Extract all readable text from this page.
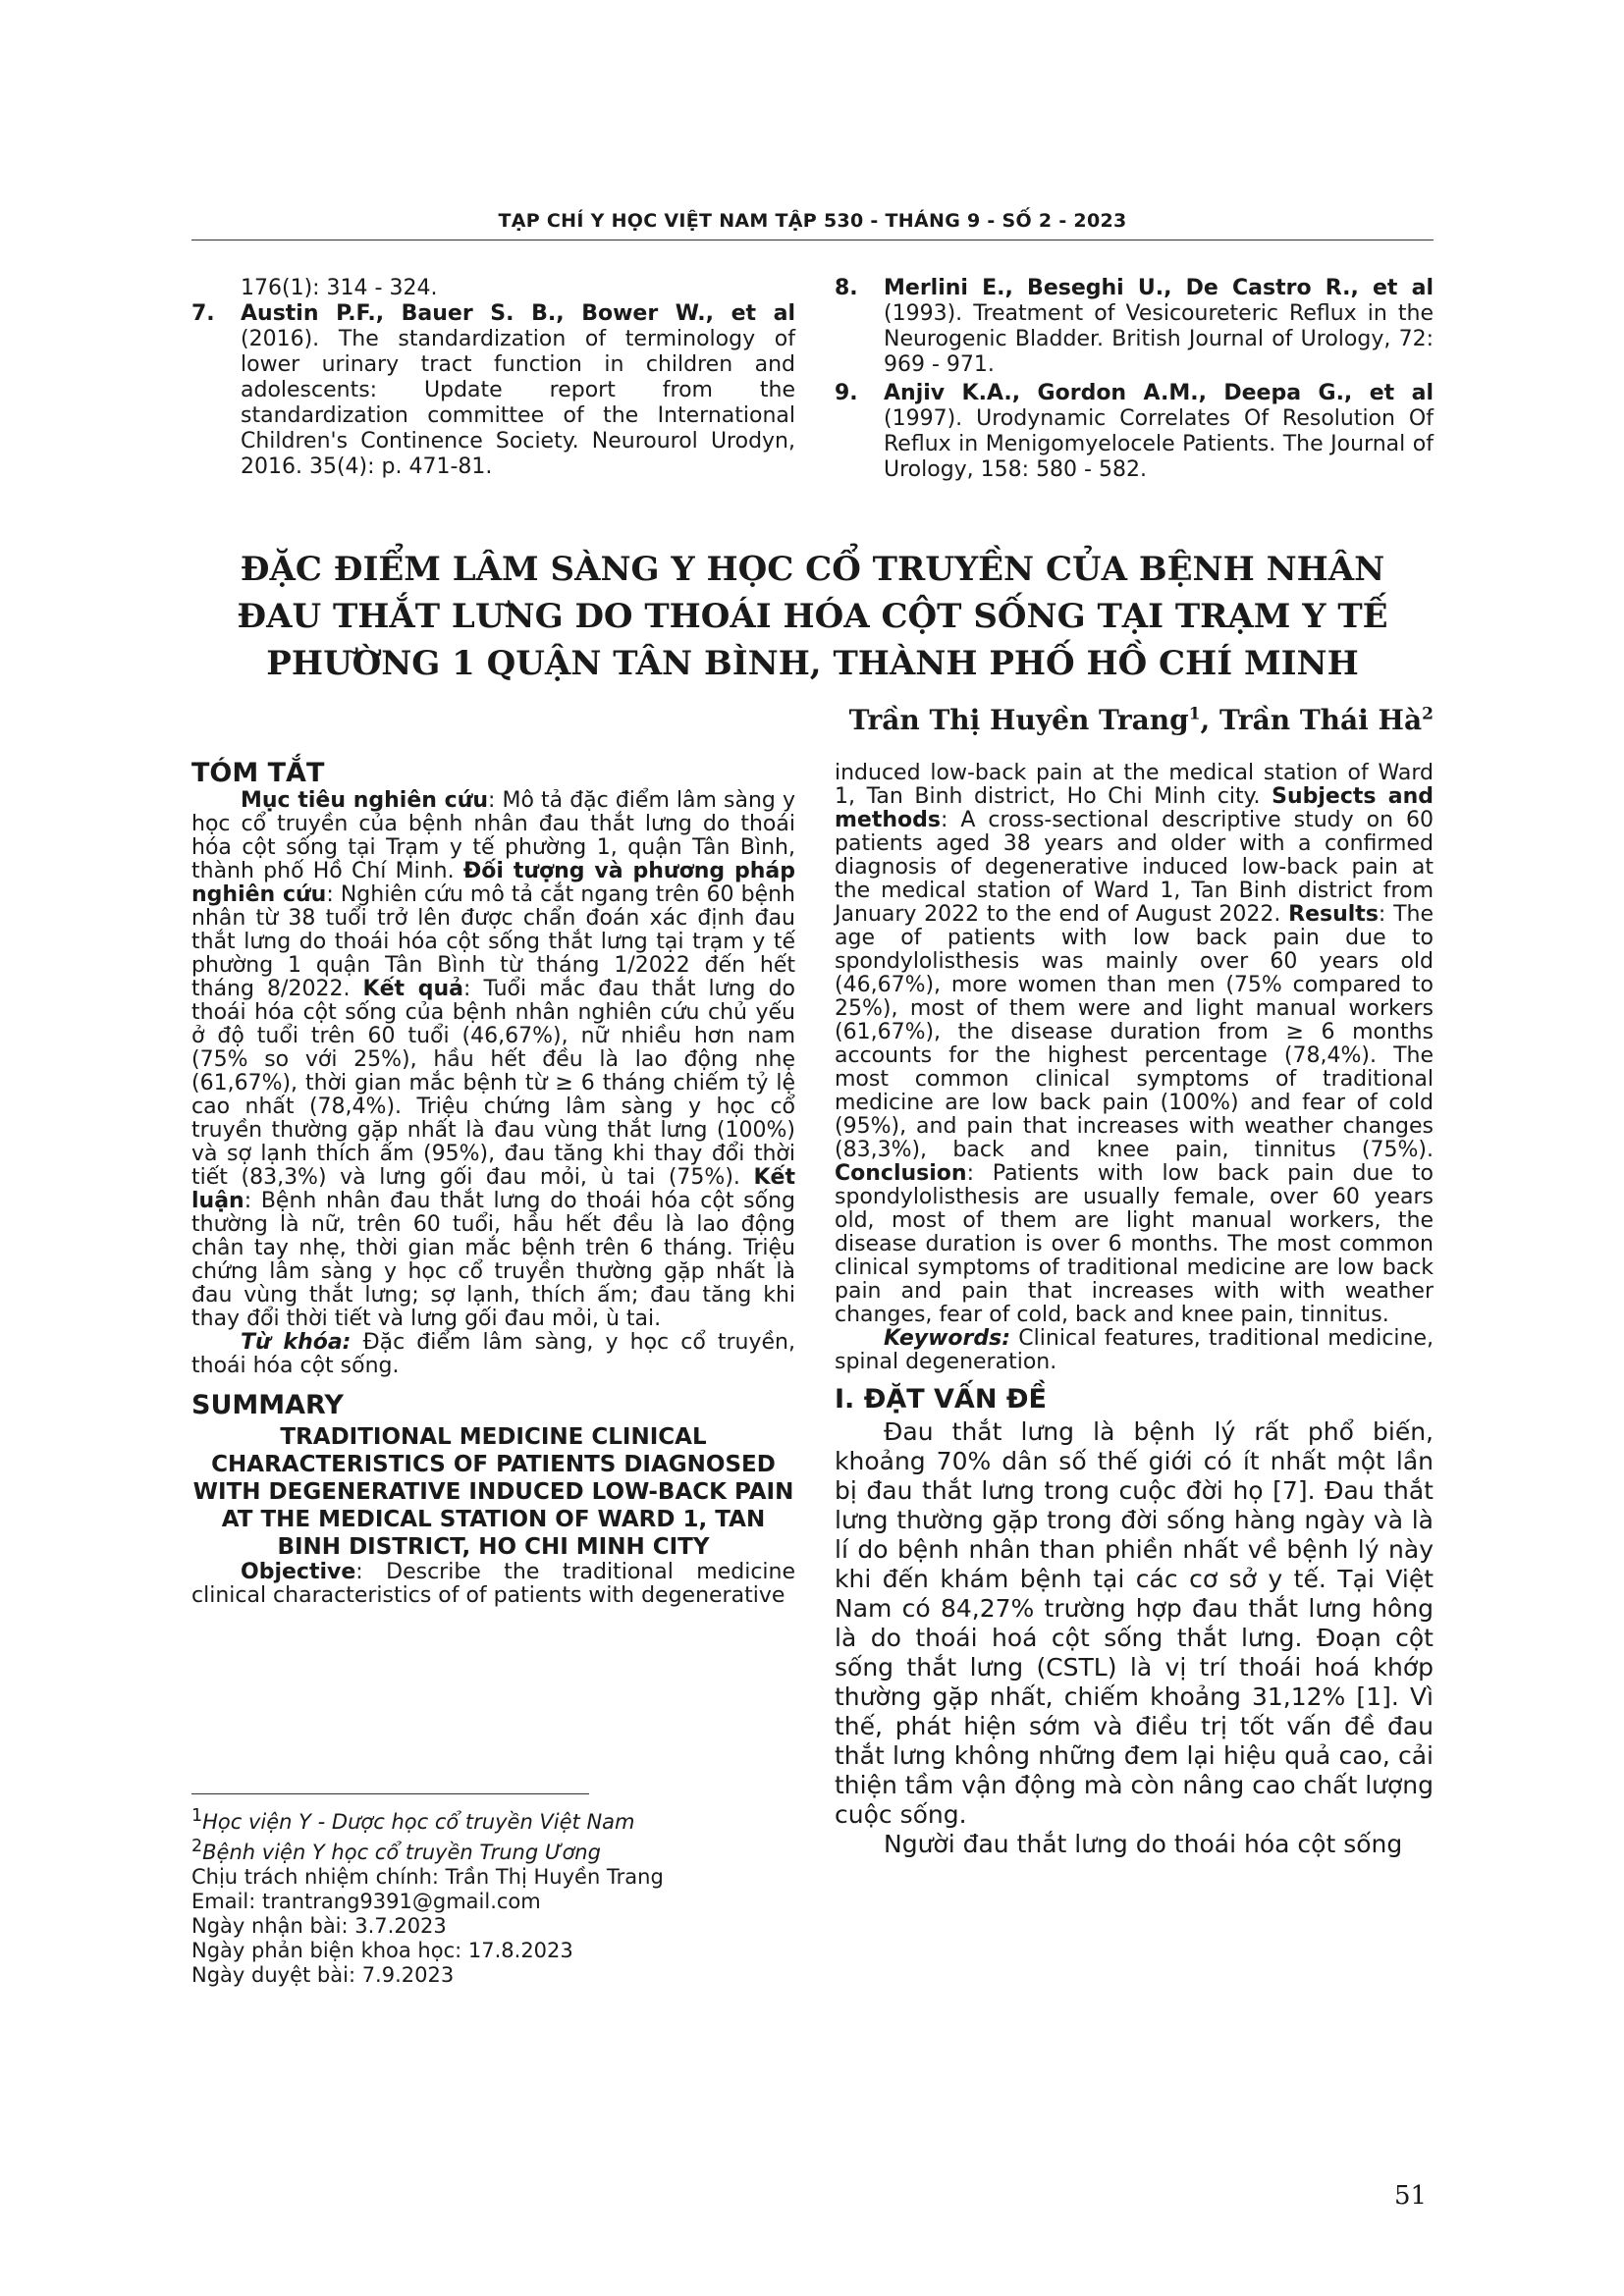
TẠP CHÍ Y HỌC VIỆT NAM TẬP 530 - THÁNG 9 - SỐ 2 - 2023
176(1): 314 - 324.
7. Austin P.F., Bauer S. B., Bower W., et al (2016). The standardization of terminology of lower urinary tract function in children and adolescents: Update report from the standardization committee of the International Children's Continence Society. Neurourol Urodyn, 2016. 35(4): p. 471-81.
8. Merlini E., Beseghi U., De Castro R., et al (1993). Treatment of Vesicoureteric Reflux in the Neurogenic Bladder. British Journal of Urology, 72: 969 - 971.
9. Anjiv K.A., Gordon A.M., Deepa G., et al (1997). Urodynamic Correlates Of Resolution Of Reflux in Menigomyelocele Patients. The Journal of Urology, 158: 580 - 582.
ĐẶC ĐIỂM LÂM SÀNG Y HỌC CỔ TRUYỀN CỦA BỆNH NHÂN
ĐAU THẮT LƯNG DO THOÁI HÓA CỘT SỐNG TẠI TRẠM Y TẾ
PHƯỜNG 1 QUẬN TÂN BÌNH, THÀNH PHỐ HỒ CHÍ MINH
Trần Thị Huyền Trang$^1$, Trần Thái $Hà^2$
TÓM TẮT
Mục tiêu nghiên cứu: Mô tả đặc điểm lâm sàng y học cổ truyền của bệnh nhân đau thắt lưng do thoái hóa cột sống tại Trạm y tế phường 1, quận Tân Bình, thành phố Hồ Chí Minh. Đối tượng và phương pháp nghiên cứu: Nghiên cứu mô tả cắt ngang trên 60 bệnh nhân từ 38 tuổi trở lên được chẩn đoán xác định đau thắt lưng do thoái hóa cột sống thắt lưng tại trạm y tế phường 1 quận Tân Bình từ tháng 1/2022 đến hết tháng 8/2022. Kết quả: Tuổi mắc đau thắt lưng do thoái hóa cột sống của bệnh nhân nghiên cứu chủ yếu ở độ tuổi trên 60 tuổi (46,67%), nữ nhiều hơn nam (75% so với 25%), hầu hết đều là lao động nhẹ (61,67%), thời gian mắc bệnh từ ≥ 6 tháng chiếm tỷ lệ cao nhất (78,4%). Triệu chứng lâm sàng y học cổ truyền thường gặp nhất là đau vùng thắt lưng (100%) và sợ lạnh thích ấm (95%), đau tăng khi thay đổi thời tiết (83,3%) và lưng gối đau mỏi, ù tai (75%). Kết luận: Bệnh nhân đau thắt lưng do thoái hóa cột sống thường là nữ, trên 60 tuổi, hầu hết đều là lao động chân tay nhẹ, thời gian mắc bệnh trên 6 tháng. Triệu chứng lâm sàng y học cổ truyền thường gặp nhất là đau vùng thắt lưng; sợ lạnh, thích ấm; đau tăng khi thay đổi thời tiết và lưng gối đau mỏi, ù tai.
Từ khóa: Đặc điểm lâm sàng, y học cổ truyền, thoái hóa cột sống.
SUMMARY
TRADITIONAL MEDICINE CLINICAL CHARACTERISTICS OF PATIENTS DIAGNOSED WITH DEGENERATIVE INDUCED LOW-BACK PAIN AT THE MEDICAL STATION OF WARD 1, TAN BINH DISTRICT, HO CHI MINH CITY
Objective: Describe the traditional medicine clinical characteristics of of patients with degenerative
$^1$Học viện Y - Dược học cổ truyền Việt Nam
$^2$Bệnh viện Y học cổ truyền Trung Ương
Chịu trách nhiệm chính: Trần Thị Huyền Trang
Email: trantrang9391@gmail.com
Ngày nhận bài: 3.7.2023
Ngày phản biện khoa học: 17.8.2023
Ngày duyệt bài: 7.9.2023
induced low-back pain at the medical station of Ward 1, Tan Binh district, Ho Chi Minh city. Subjects and methods: A cross-sectional descriptive study on 60 patients aged 38 years and older with a confirmed diagnosis of degenerative induced low-back pain at the medical station of Ward 1, Tan Binh district from January 2022 to the end of August 2022. Results: The age of patients with low back pain due to spondylolisthesis was mainly over 60 years old (46,67%), more women than men (75% compared to 25%), most of them were and light manual workers (61,67%), the disease duration from ≥ 6 months accounts for the highest percentage (78,4%). The most common clinical symptoms of traditional medicine are low back pain (100%) and fear of cold (95%), and pain that increases with weather changes (83,3%), back and knee pain, tinnitus (75%). Conclusion: Patients with low back pain due to spondylolisthesis are usually female, over 60 years old, most of them are light manual workers, the disease duration is over 6 months. The most common clinical symptoms of traditional medicine are low back pain and pain that increases with with weather changes, fear of cold, back and knee pain, tinnitus.
Keywords: Clinical features, traditional medicine, spinal degeneration.
I. ĐẶT VẤN ĐỀ
Đau thắt lưng là bệnh lý rất phổ biến, khoảng 70% dân số thế giới có ít nhất một lần bị đau thắt lưng trong cuộc đời họ [7]. Đau thắt lưng thường gặp trong đời sống hàng ngày và là lí do bệnh nhân than phiền nhất về bệnh lý này khi đến khám bệnh tại các cơ sở y tế. Tại Việt Nam có 84,27% trường hợp đau thắt lưng hông là do thoái hoá cột sống thắt lưng. Đoạn cột sống thắt lưng (CSTL) là vị trí thoái hoá khớp thường gặp nhất, chiếm khoảng 31,12% [1]. Vì thế, phát hiện sớm và điều trị tốt vấn đề đau thắt lưng không những đem lại hiệu quả cao, cải thiện tầm vận động mà còn nâng cao chất lượng cuộc sống.
Người đau thắt lưng do thoái hóa cột sống
51
